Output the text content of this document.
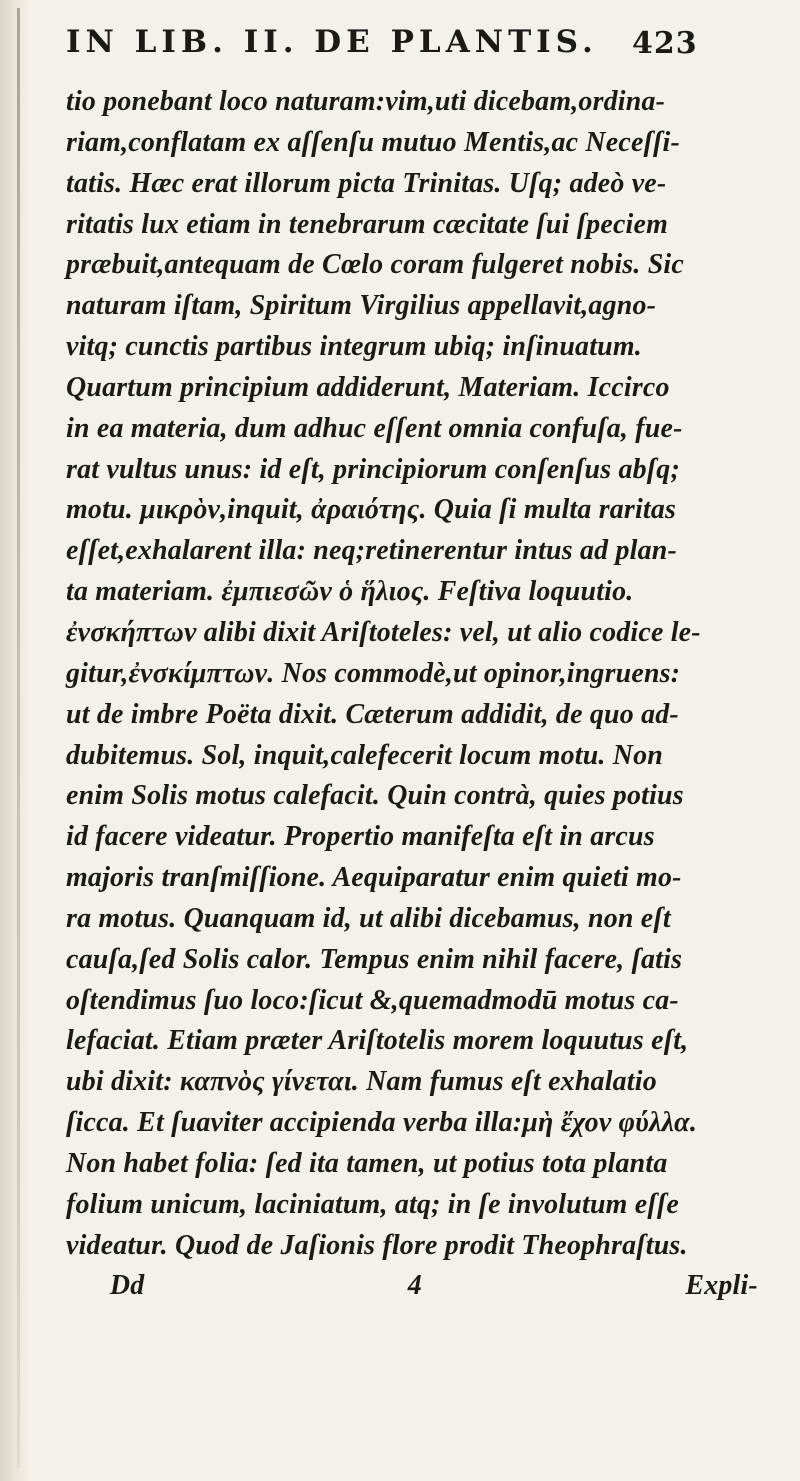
IN LIB. II. DE PLANTIS. 423
tio ponebant loco naturam:vim,uti dicebam,ordina-
riam,conflatam ex aſſenſu mutuo Mentis,ac Neceſſi-
tatis. Hæc erat illorum picta Trinitas. Uſq; adeò ve-
ritatis lux etiam in tenebrarum cæcitate ſui ſpeciem
præbuit,antequam de Cœlo coram fulgeret nobis. Sic
naturam iſtam, Spiritum Virgilius appellavit,agno-
vitq; cunctis partibus integrum ubiq; inſinuatum.
Quartum principium addiderunt, Materiam. Iccirco
in ea materia, dum adhuc eſſent omnia confuſa, fue-
rat vultus unus: id eſt, principiorum conſenſus abſq;
motu. μικρὸν,inquit, ἀραιότης. Quia ſi multa raritas
eſſet,exhalarent illa: neq;retinerentur intus ad plan-
ta materiam. ἐμπιεσῶν ὁ ἥλιος. Feſtiva loquutio.
ἐνσκήπτων alibi dixit Ariſtoteles: vel, ut alio codice le-
gitur,ἐνσκίμπτων. Nos commodè,ut opinor,ingruens:
ut de imbre Poëta dixit. Cæterum addidit, de quo ad-
dubitemus. Sol, inquit,calefecerit locum motu. Non
enim Solis motus calefacit. Quin contrà, quies potius
id facere videatur. Propertio manifeſta eſt in arcus
majoris tranſmiſſione. Aequiparatur enim quieti mo-
ra motus. Quanquam id, ut alibi dicebamus, non eſt
cauſa,ſed Solis calor. Tempus enim nihil facere, ſatis
oſtendimus ſuo loco:ſicut &,quemadmodū motus ca-
lefaciat. Etiam præter Ariſtotelis morem loquutus eſt,
ubi dixit: καπνὸς γίνεται. Nam fumus eſt exhalatio
ſicca. Et ſuaviter accipienda verba illa:μὴ ἔχον φύλλα.
Non habet folia: ſed ita tamen, ut potius tota planta
folium unicum, laciniatum, atq; in ſe involutum eſſe
videatur. Quod de Jaſionis flore prodit Theophraſtus.
Dd	4	Expli-
